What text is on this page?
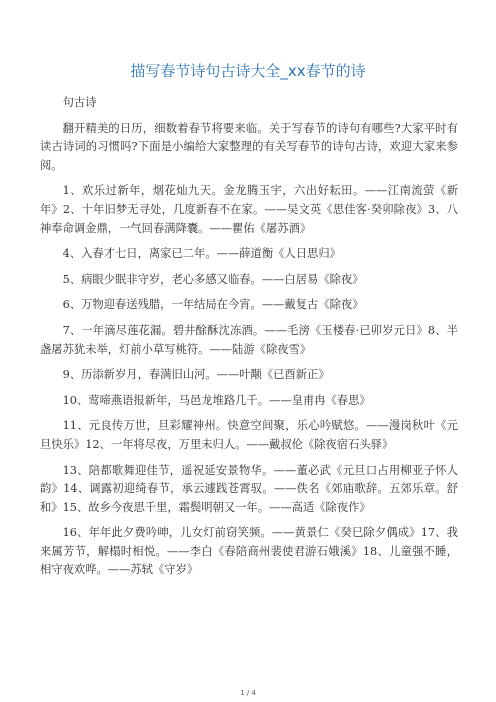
描写春节诗句古诗大全_xx春节的诗

句古诗

翻开精美的日历，细数着春节将要来临。关于写春节的诗句有哪些?大家平时有读古诗词的习惯吗?下面是小编给大家整理的有关写春节的诗句古诗，欢迎大家来参阅。

1、欢乐过新年，烟花灿九天。金龙腾玉宇，六出好耘田。——江南流萤《新年》2、十年旧梦无寻处，几度新春不在家。——吴文英《思佳客·癸卯除夜》3、八神奉命调金鼎，一气回春满降囊。——瞿佑《屠苏酒》

4、入春才七日，离家已二年。——薛道衡《人日思归》

5、病眼少眠非守岁，老心多感又临春。——白居易《除夜》

6、万物迎春送残腊，一年结局在今宵。——戴复古《除夜》

7、一年滴尽莲花漏。碧井酴酥沈冻酒。——毛滂《玉楼春·已卯岁元日》8、半盏屠苏犹未举，灯前小草写桃符。——陆游《除夜雪》

9、历添新岁月，春满旧山河。——叶颙《已酉新正》

10、莺啼燕语报新年，马邑龙堆路几千。——皇甫冉《春思》

11、元良传万世，旦彩耀神州。快意空间聚，乐心吟赋悠。——漫岗秋叶《元旦快乐》12、一年将尽夜，万里未归人。——戴叔伦《除夜宿石头驿》

13、陪都歌舞迎佳节，遥祝延安景物华。——董必武《元旦口占用柳亚子怀人韵》14、调露初迎绮春节，承云遽践苍霄驭。——佚名《郊庙歌辞。五郊乐章。舒和》15、故乡今夜思千里，霜鬓明朝又一年。——高适《除夜作》

16、年年此夕费吟呻，儿女灯前窃笑频。——黄景仁《癸巳除夕偶成》17、我来属芳节，解榻时相悦。——李白《春陪商州裴使君游石娥溪》18、儿童强不睡，相守夜欢哗。——苏轼《守岁》

1 / 4
